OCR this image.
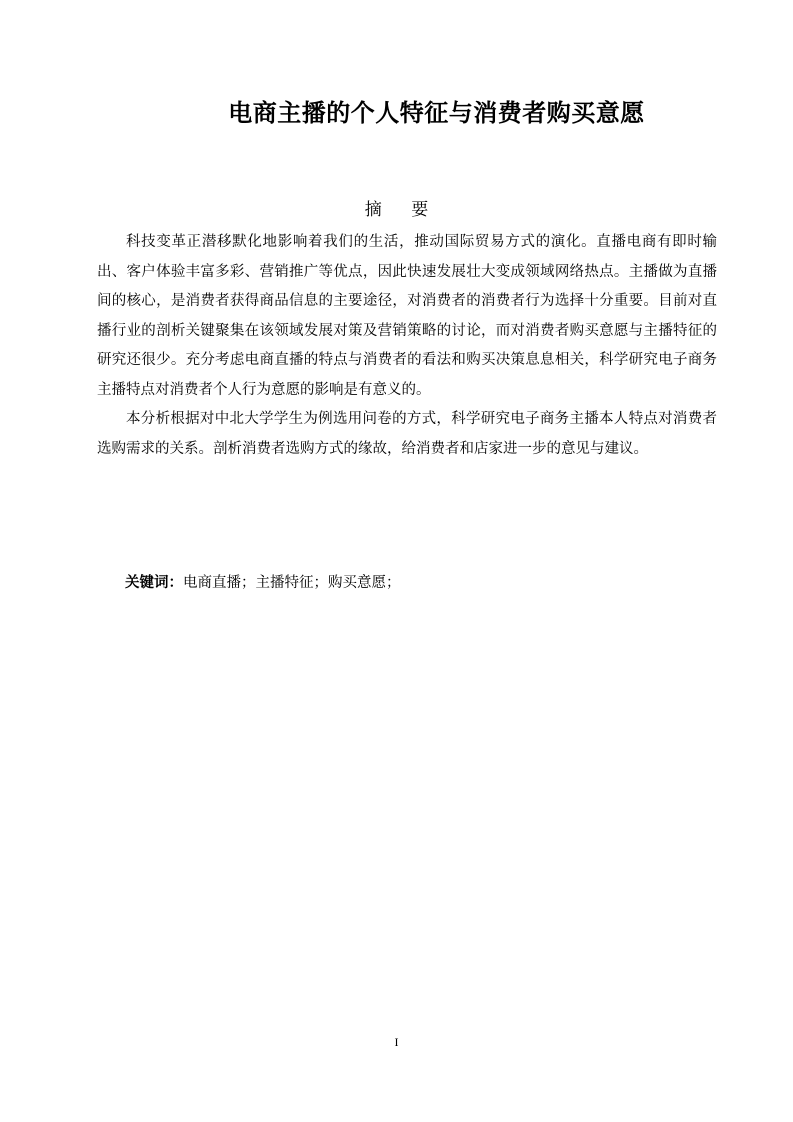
电商主播的个人特征与消费者购买意愿
摘 要

科技变革正潜移默化地影响着我们的生活，推动国际贸易方式的演化。直播电商有即时输出、客户体验丰富多彩、营销推广等优点，因此快速发展壮大变成领域网络热点。主播做为直播间的核心，是消费者获得商品信息的主要途径，对消费者的消费者行为选择十分重要。目前对直播行业的剖析关键聚集在该领域发展对策及营销策略的讨论，而对消费者购买意愿与主播特征的研究还很少。充分考虑电商直播的特点与消费者的看法和购买决策息息相关，科学研究电子商务主播特点对消费者个人行为意愿的影响是有意义的。

本分析根据对中北大学学生为例选用问卷的方式，科学研究电子商务主播本人特点对消费者选购需求的关系。剖析消费者选购方式的缘故，给消费者和店家进一步的意见与建议。

关键词：电商直播；主播特征；购买意愿；
I
